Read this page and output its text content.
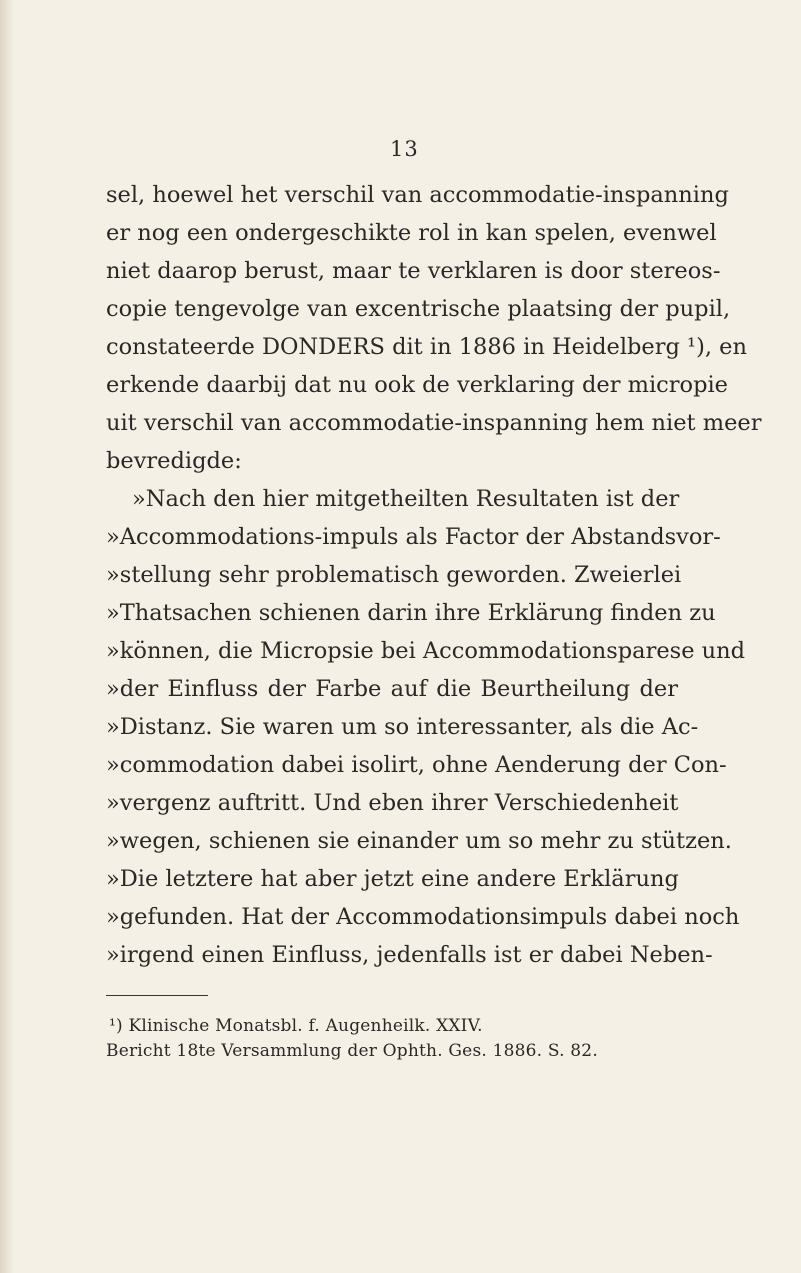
13
sel, hoewel het verschil van accommodatie-inspanning
er nog een ondergeschikte rol in kan spelen, evenwel
niet daarop berust, maar te verklaren is door stereos-
copie tengevolge van excentrische plaatsing der pupil,
constateerde DONDERS dit in 1886 in Heidelberg ¹), en
erkende daarbij dat nu ook de verklaring der micropie
uit verschil van accommodatie-inspanning hem niet meer
bevredigde:
»Nach den hier mitgetheilten Resultaten ist der
»Accommodations-impuls als Factor der Abstandsvor-
»stellung sehr problematisch geworden. Zweierlei
»Thatsachen schienen darin ihre Erklärung finden zu
»können, die Micropsie bei Accommodationsparese und
»der Einfluss der Farbe auf die Beurtheilung der
»Distanz. Sie waren um so interessanter, als die Ac-
»commodation dabei isolirt, ohne Aenderung der Con-
»vergenz auftritt. Und eben ihrer Verschiedenheit
»wegen, schienen sie einander um so mehr zu stützen.
»Die letztere hat aber jetzt eine andere Erklärung
»gefunden. Hat der Accommodationsimpuls dabei noch
»irgend einen Einfluss, jedenfalls ist er dabei Neben-
¹) Klinische Monatsbl. f. Augenheilk. XXIV.
Bericht 18te Versammlung der Ophth. Ges. 1886. S. 82.
